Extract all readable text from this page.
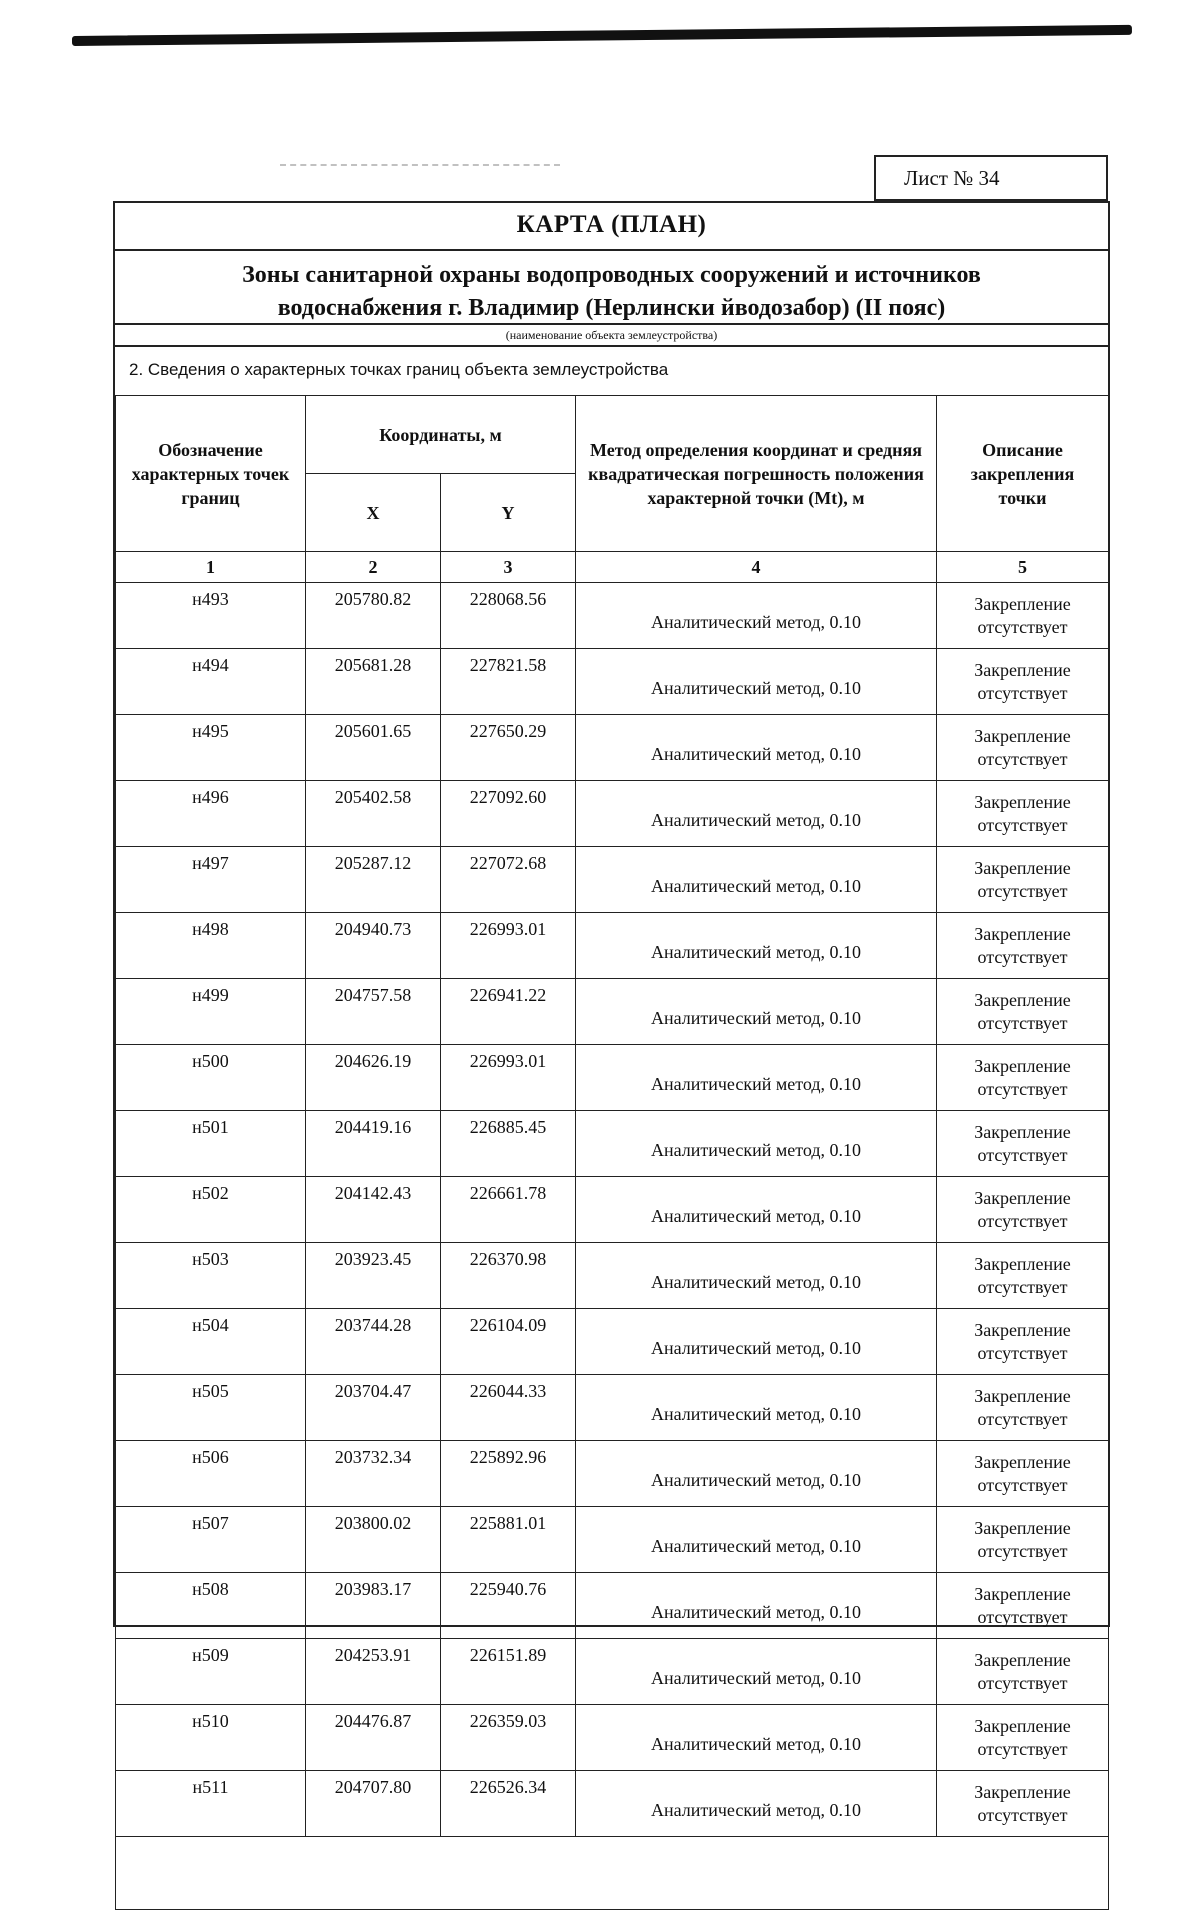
Лист № 34
КАРТА (ПЛАН)
Зоны санитарной охраны водопроводных сооружений и источников
водоснабжения г. Владимир (Нерлински йводозабор) (II пояс)
(наименование объекта землеустройства)
2. Сведения о характерных точках границ объекта землеустройства
Обозначение характерных точек границ	Координаты, м		Метод определения координат и средняя квадратическая погрешность положения характерной точки (Mt), м	Описание закрепления точки
	X	Y		
1	2	3	4	5
н493	205780.82	228068.56	Аналитический метод, 0.10	Закрепление
отсутствует

н494	205681.28	227821.58	Аналитический метод, 0.10	Закрепление
отсутствует

н495	205601.65	227650.29	Аналитический метод, 0.10	Закрепление
отсутствует

н496	205402.58	227092.60	Аналитический метод, 0.10	Закрепление
отсутствует

н497	205287.12	227072.68	Аналитический метод, 0.10	Закрепление
отсутствует

н498	204940.73	226993.01	Аналитический метод, 0.10	Закрепление
отсутствует

н499	204757.58	226941.22	Аналитический метод, 0.10	Закрепление
отсутствует

н500	204626.19	226993.01	Аналитический метод, 0.10	Закрепление
отсутствует

н501	204419.16	226885.45	Аналитический метод, 0.10	Закрепление
отсутствует

н502	204142.43	226661.78	Аналитический метод, 0.10	Закрепление
отсутствует

н503	203923.45	226370.98	Аналитический метод, 0.10	Закрепление
отсутствует

н504	203744.28	226104.09	Аналитический метод, 0.10	Закрепление
отсутствует

н505	203704.47	226044.33	Аналитический метод, 0.10	Закрепление
отсутствует

н506	203732.34	225892.96	Аналитический метод, 0.10	Закрепление
отсутствует

н507	203800.02	225881.01	Аналитический метод, 0.10	Закрепление
отсутствует

н508	203983.17	225940.76	Аналитический метод, 0.10	Закрепление
отсутствует

н509	204253.91	226151.89	Аналитический метод, 0.10	Закрепление
отсутствует

н510	204476.87	226359.03	Аналитический метод, 0.10	Закрепление
отсутствует

н511	204707.80	226526.34	Аналитический метод, 0.10	Закрепление
отсутствует
